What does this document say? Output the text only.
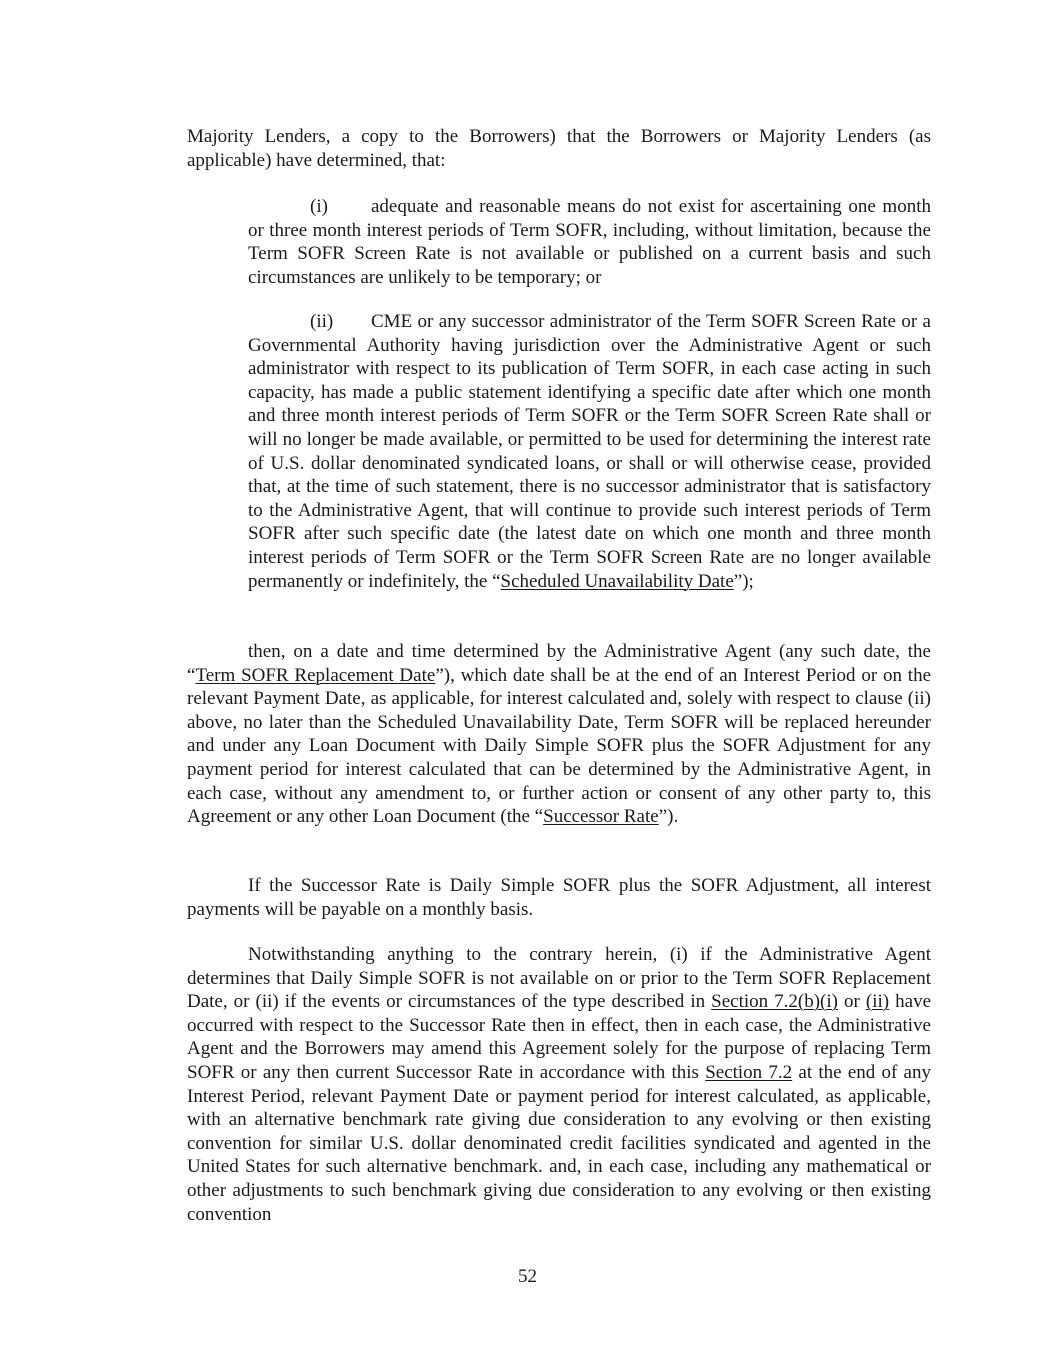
Majority Lenders, a copy to the Borrowers) that the Borrowers or Majority Lenders (as applicable) have determined, that:

(i) adequate and reasonable means do not exist for ascertaining one month or three month interest periods of Term SOFR, including, without limitation, because the Term SOFR Screen Rate is not available or published on a current basis and such circumstances are unlikely to be temporary; or

(ii) CME or any successor administrator of the Term SOFR Screen Rate or a Governmental Authority having jurisdiction over the Administrative Agent or such administrator with respect to its publication of Term SOFR, in each case acting in such capacity, has made a public statement identifying a specific date after which one month and three month interest periods of Term SOFR or the Term SOFR Screen Rate shall or will no longer be made available, or permitted to be used for determining the interest rate of U.S. dollar denominated syndicated loans, or shall or will otherwise cease, provided that, at the time of such statement, there is no successor administrator that is satisfactory to the Administrative Agent, that will continue to provide such interest periods of Term SOFR after such specific date (the latest date on which one month and three month interest periods of Term SOFR or the Term SOFR Screen Rate are no longer available permanently or indefinitely, the “Scheduled Unavailability Date”);

then, on a date and time determined by the Administrative Agent (any such date, the “Term SOFR Replacement Date”), which date shall be at the end of an Interest Period or on the relevant Payment Date, as applicable, for interest calculated and, solely with respect to clause (ii) above, no later than the Scheduled Unavailability Date, Term SOFR will be replaced hereunder and under any Loan Document with Daily Simple SOFR plus the SOFR Adjustment for any payment period for interest calculated that can be determined by the Administrative Agent, in each case, without any amendment to, or further action or consent of any other party to, this Agreement or any other Loan Document (the “Successor Rate”).

If the Successor Rate is Daily Simple SOFR plus the SOFR Adjustment, all interest payments will be payable on a monthly basis.

Notwithstanding anything to the contrary herein, (i) if the Administrative Agent determines that Daily Simple SOFR is not available on or prior to the Term SOFR Replacement Date, or (ii) if the events or circumstances of the type described in Section 7.2(b)(i) or (ii) have occurred with respect to the Successor Rate then in effect, then in each case, the Administrative Agent and the Borrowers may amend this Agreement solely for the purpose of replacing Term SOFR or any then current Successor Rate in accordance with this Section 7.2 at the end of any Interest Period, relevant Payment Date or payment period for interest calculated, as applicable, with an alternative benchmark rate giving due consideration to any evolving or then existing convention for similar U.S. dollar denominated credit facilities syndicated and agented in the United States for such alternative benchmark. and, in each case, including any mathematical or other adjustments to such benchmark giving due consideration to any evolving or then existing convention

52
